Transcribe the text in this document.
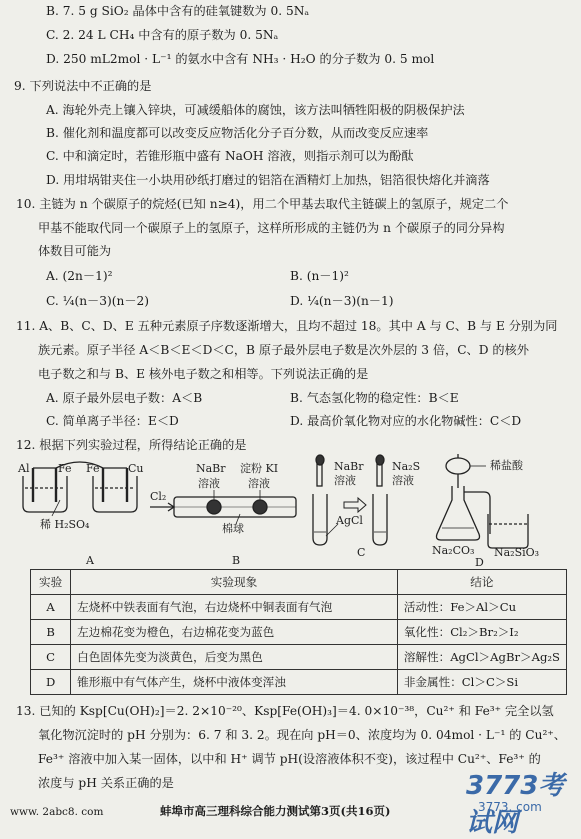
B. 7. 5 g SiO₂ 晶体中含有的硅氧键数为 0. 5Nₐ
C. 2. 24 L CH₄ 中含有的原子数为 0. 5Nₐ
D. 250 mL2mol · L⁻¹ 的氨水中含有 NH₃ · H₂O 的分子数为 0. 5 mol
9. 下列说法中不正确的是
A. 海轮外壳上镶入锌块，可减缓船体的腐蚀，该方法叫牺牲阳极的阴极保护法
B. 催化剂和温度都可以改变反应物活化分子百分数，从而改变反应速率
C. 中和滴定时，若锥形瓶中盛有 NaOH 溶液，则指示剂可以为酚酞
D. 用坩埚钳夹住一小块用砂纸打磨过的铝箔在酒精灯上加热，铝箔很快熔化并滴落
10. 主链为 n 个碳原子的烷烃(已知 n≥4)，用二个甲基去取代主链碳上的氢原子，规定二个
甲基不能取代同一个碳原子上的氢原子，这样所形成的主链仍为 n 个碳原子的同分异构
体数目可能为
A. (2n－1)²	B. (n－1)²
C. ¼(n－3)(n－2)	D. ¼(n－3)(n－1)
11. A、B、C、D、E 五种元素原子序数逐渐增大，且均不超过 18。其中 A 与 C、B 与 E 分别为同
族元素。原子半径 A＜B＜E＜D＜C，B 原子最外层电子数是次外层的 3 倍，C、D 的核外
电子数之和与 B、E 核外电子数之和相等。下列说法正确的是
A. 原子最外层电子数：A＜B	B. 气态氢化物的稳定性：B＜E
C. 简单离子半径：E＜D	D. 最高价氧化物对应的水化物碱性：C＜D
12. 根据下列实验过程，所得结论正确的是
Al	Fe Fe	Cu
稀 H₂SO₄
A
NaBr
溶液
淀粉 KI
溶液
Cl₂
棉球
B
NaBr
溶液
Na₂S
溶液
AgCl
C
稀盐酸
Na₂CO₃ Na₂SiO₃
D
实验	实验现象	结论
A	左烧杯中铁表面有气泡，右边烧杯中铜表面有气泡	活动性：Fe＞Al＞Cu
B	左边棉花变为橙色，右边棉花变为蓝色	氧化性：Cl₂＞Br₂＞I₂
C	白色固体先变为淡黄色，后变为黑色	溶解性：AgCl＞AgBr＞Ag₂S
D	锥形瓶中有气体产生，烧杯中液体变浑浊	非金属性：Cl＞C＞Si
13. 已知的 Ksp[Cu(OH)₂]＝2. 2×10⁻²⁰、Ksp[Fe(OH)₃]＝4. 0×10⁻³⁸，Cu²⁺ 和 Fe³⁺ 完全以氢
氧化物沉淀时的 pH 分别为：6. 7 和 3. 2。现在向 pH＝0、浓度均为 0. 04mol · L⁻¹ 的 Cu²⁺、
Fe³⁺ 溶液中加入某一固体，以中和 H⁺ 调节 pH(设溶液体积不变)，该过程中 Cu²⁺、Fe³⁺ 的
浓度与 pH 关系正确的是
www. 2abc8. com	蚌埠市高三理科综合能力测试第3页(共16页)
3773考试网
3773. com
